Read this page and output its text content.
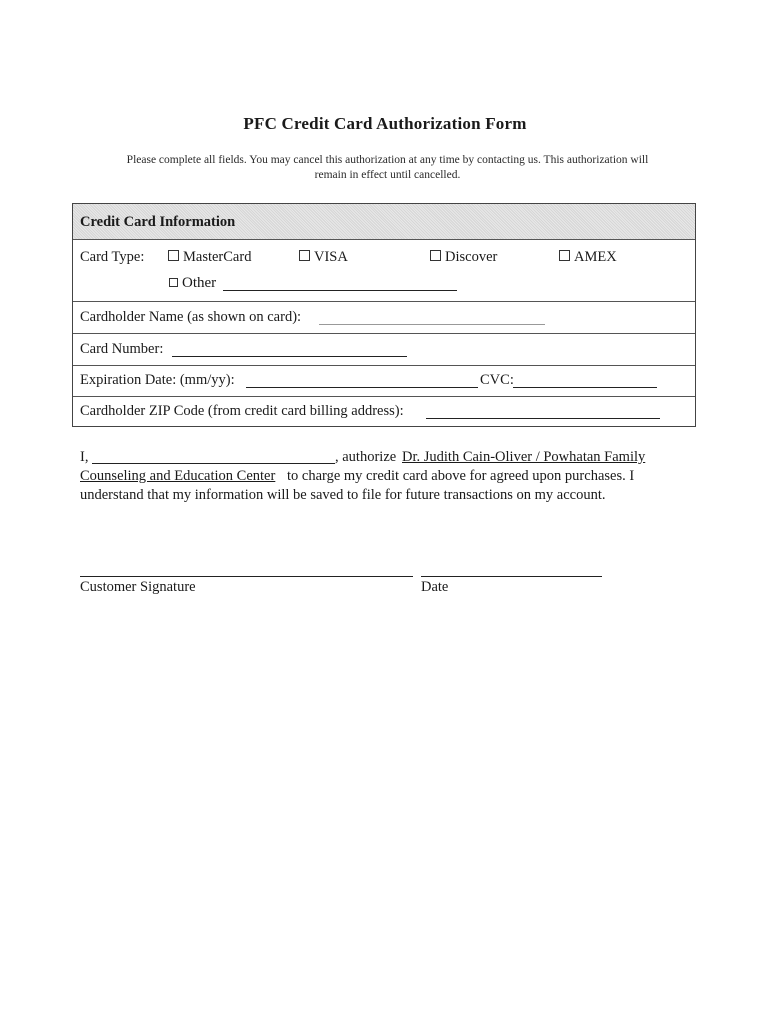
PFC Credit Card Authorization Form
Please complete all fields. You may cancel this authorization at any time by contacting us. This authorization will
remain in effect until cancelled.
Credit Card Information
Card Type:	MasterCard	VISA	Discover	AMEX
Other
Cardholder Name (as shown on card):
Card Number:
Expiration Date: (mm/yy):	CVC:
Cardholder ZIP Code (from credit card billing address):
I,	, authorize Dr. Judith Cain-Oliver / Powhatan Family
Counseling and Education Center to charge my credit card above for agreed upon purchases. I
understand that my information will be saved to file for future transactions on my account.
Customer Signature	Date
